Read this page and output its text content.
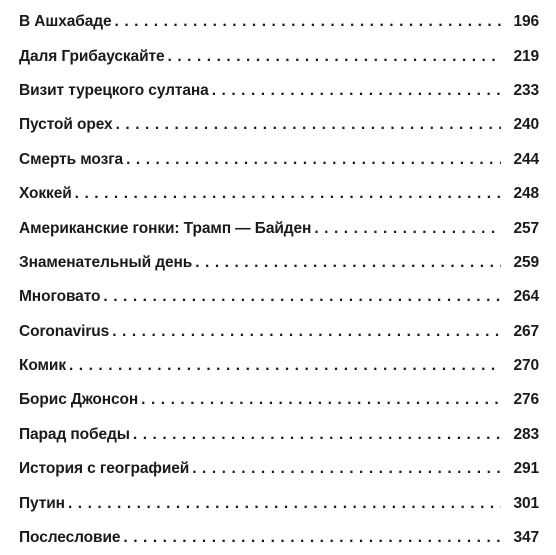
В Ашхабаде . . .	196
Даля Грибаускайте . . .	219
Визит турецкого султана . . .	233
Пустой орех . . .	240
Смерть мозга . . .	244
Хоккей . . .	248
Американские гонки: Трамп — Байден . . .	257
Знаменательный день . . .	259
Многовато . . .	264
Coronavirus . . .	267
Комик . . .	270
Борис Джонсон . . .	276
Парад победы . . .	283
История с географией . . .	291
Путин . . .	301
Послесловие . . .	347
